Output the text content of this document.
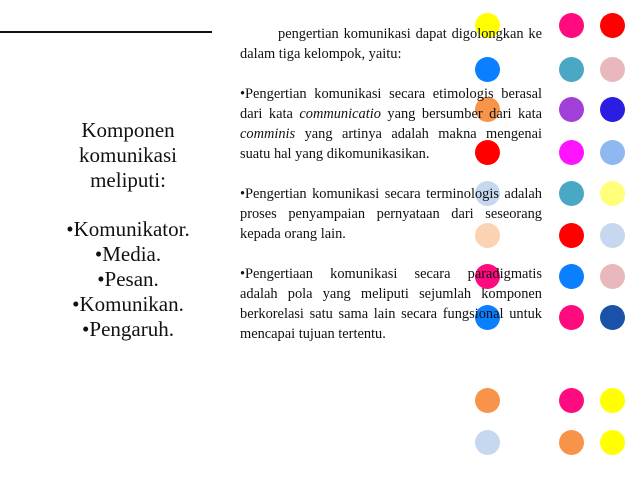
Komponen
komunikasi
meliputi:
•Komunikator.
•Media.
•Pesan.
•Komunikan.
•Pengaruh.

pengertian komunikasi dapat digolongkan ke dalam tiga kelompok, yaitu:

•Pengertian komunikasi secara etimologis berasal dari kata communicatio yang bersumber dari kata comminis yang artinya adalah makna mengenai suatu hal yang dikomunikasikan.

•Pengertian komunikasi secara terminologis adalah proses penyampaian pernyataan dari seseorang kepada orang lain.

•Pengertiaan komunikasi secara paradigmatis adalah pola yang meliputi sejumlah komponen berkorelasi satu sama lain secara fungsional untuk mencapai tujuan tertentu.
